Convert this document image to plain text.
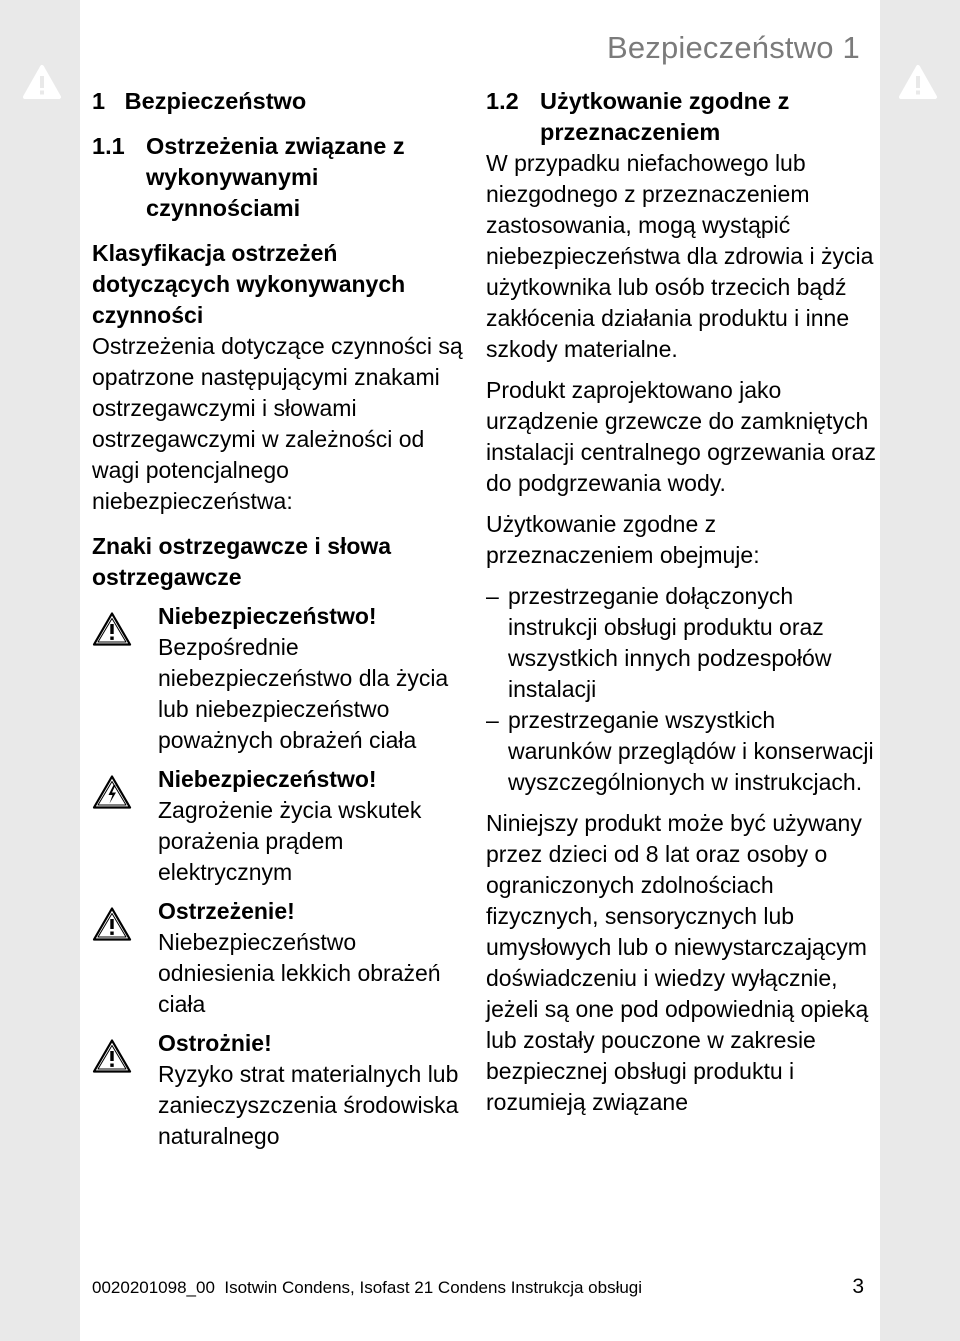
Bezpieczeństwo 1
1   Bezpieczeństwo
1.1 Ostrzeżenia związane z wykonywanymi czynnościami
Klasyfikacja ostrzeżeń dotyczących wykonywanych czynności
Ostrzeżenia dotyczące czynności są opatrzone następującymi znakami ostrzegawczymi i słowami ostrzegawczymi w zależności od wagi potencjalnego niebezpieczeństwa:
Znaki ostrzegawcze i słowa ostrzegawcze
Niebezpieczeństwo!
Bezpośrednie niebezpieczeństwo dla życia lub niebezpieczeństwo poważnych obrażeń ciała
Niebezpieczeństwo!
Zagrożenie życia wskutek porażenia prądem elektrycznym
Ostrzeżenie!
Niebezpieczeństwo odniesienia lekkich obrażeń ciała
Ostrożnie!
Ryzyko strat materialnych lub zanieczyszczenia środowiska naturalnego
1.2 Użytkowanie zgodne z przeznaczeniem
W przypadku niefachowego lub niezgodnego z przeznaczeniem zastosowania, mogą wystąpić niebezpieczeństwa dla zdrowia i życia użytkownika lub osób trzecich bądź zakłócenia działania produktu i inne szkody materialne.
Produkt zaprojektowano jako urządzenie grzewcze do zamkniętych instalacji centralnego ogrzewania oraz do podgrzewania wody.
Użytkowanie zgodne z przeznaczeniem obejmuje:
– przestrzeganie dołączonych instrukcji obsługi produktu oraz wszystkich innych podzespołów instalacji
– przestrzeganie wszystkich warunków przeglądów i konserwacji wyszczególnionych w instrukcjach.
Niniejszy produkt może być używany przez dzieci od 8 lat oraz osoby o ograniczonych zdolnościach fizycznych, sensorycznych lub umysłowych lub o niewystarczającym doświadczeniu i wiedzy wyłącznie, jeżeli są one pod odpowiednią opieką lub zostały pouczone w zakresie bezpiecznej obsługi produktu i rozumieją związane
0020201098_00  Isotwin Condens, Isofast 21 Condens Instrukcja obsługi	3
